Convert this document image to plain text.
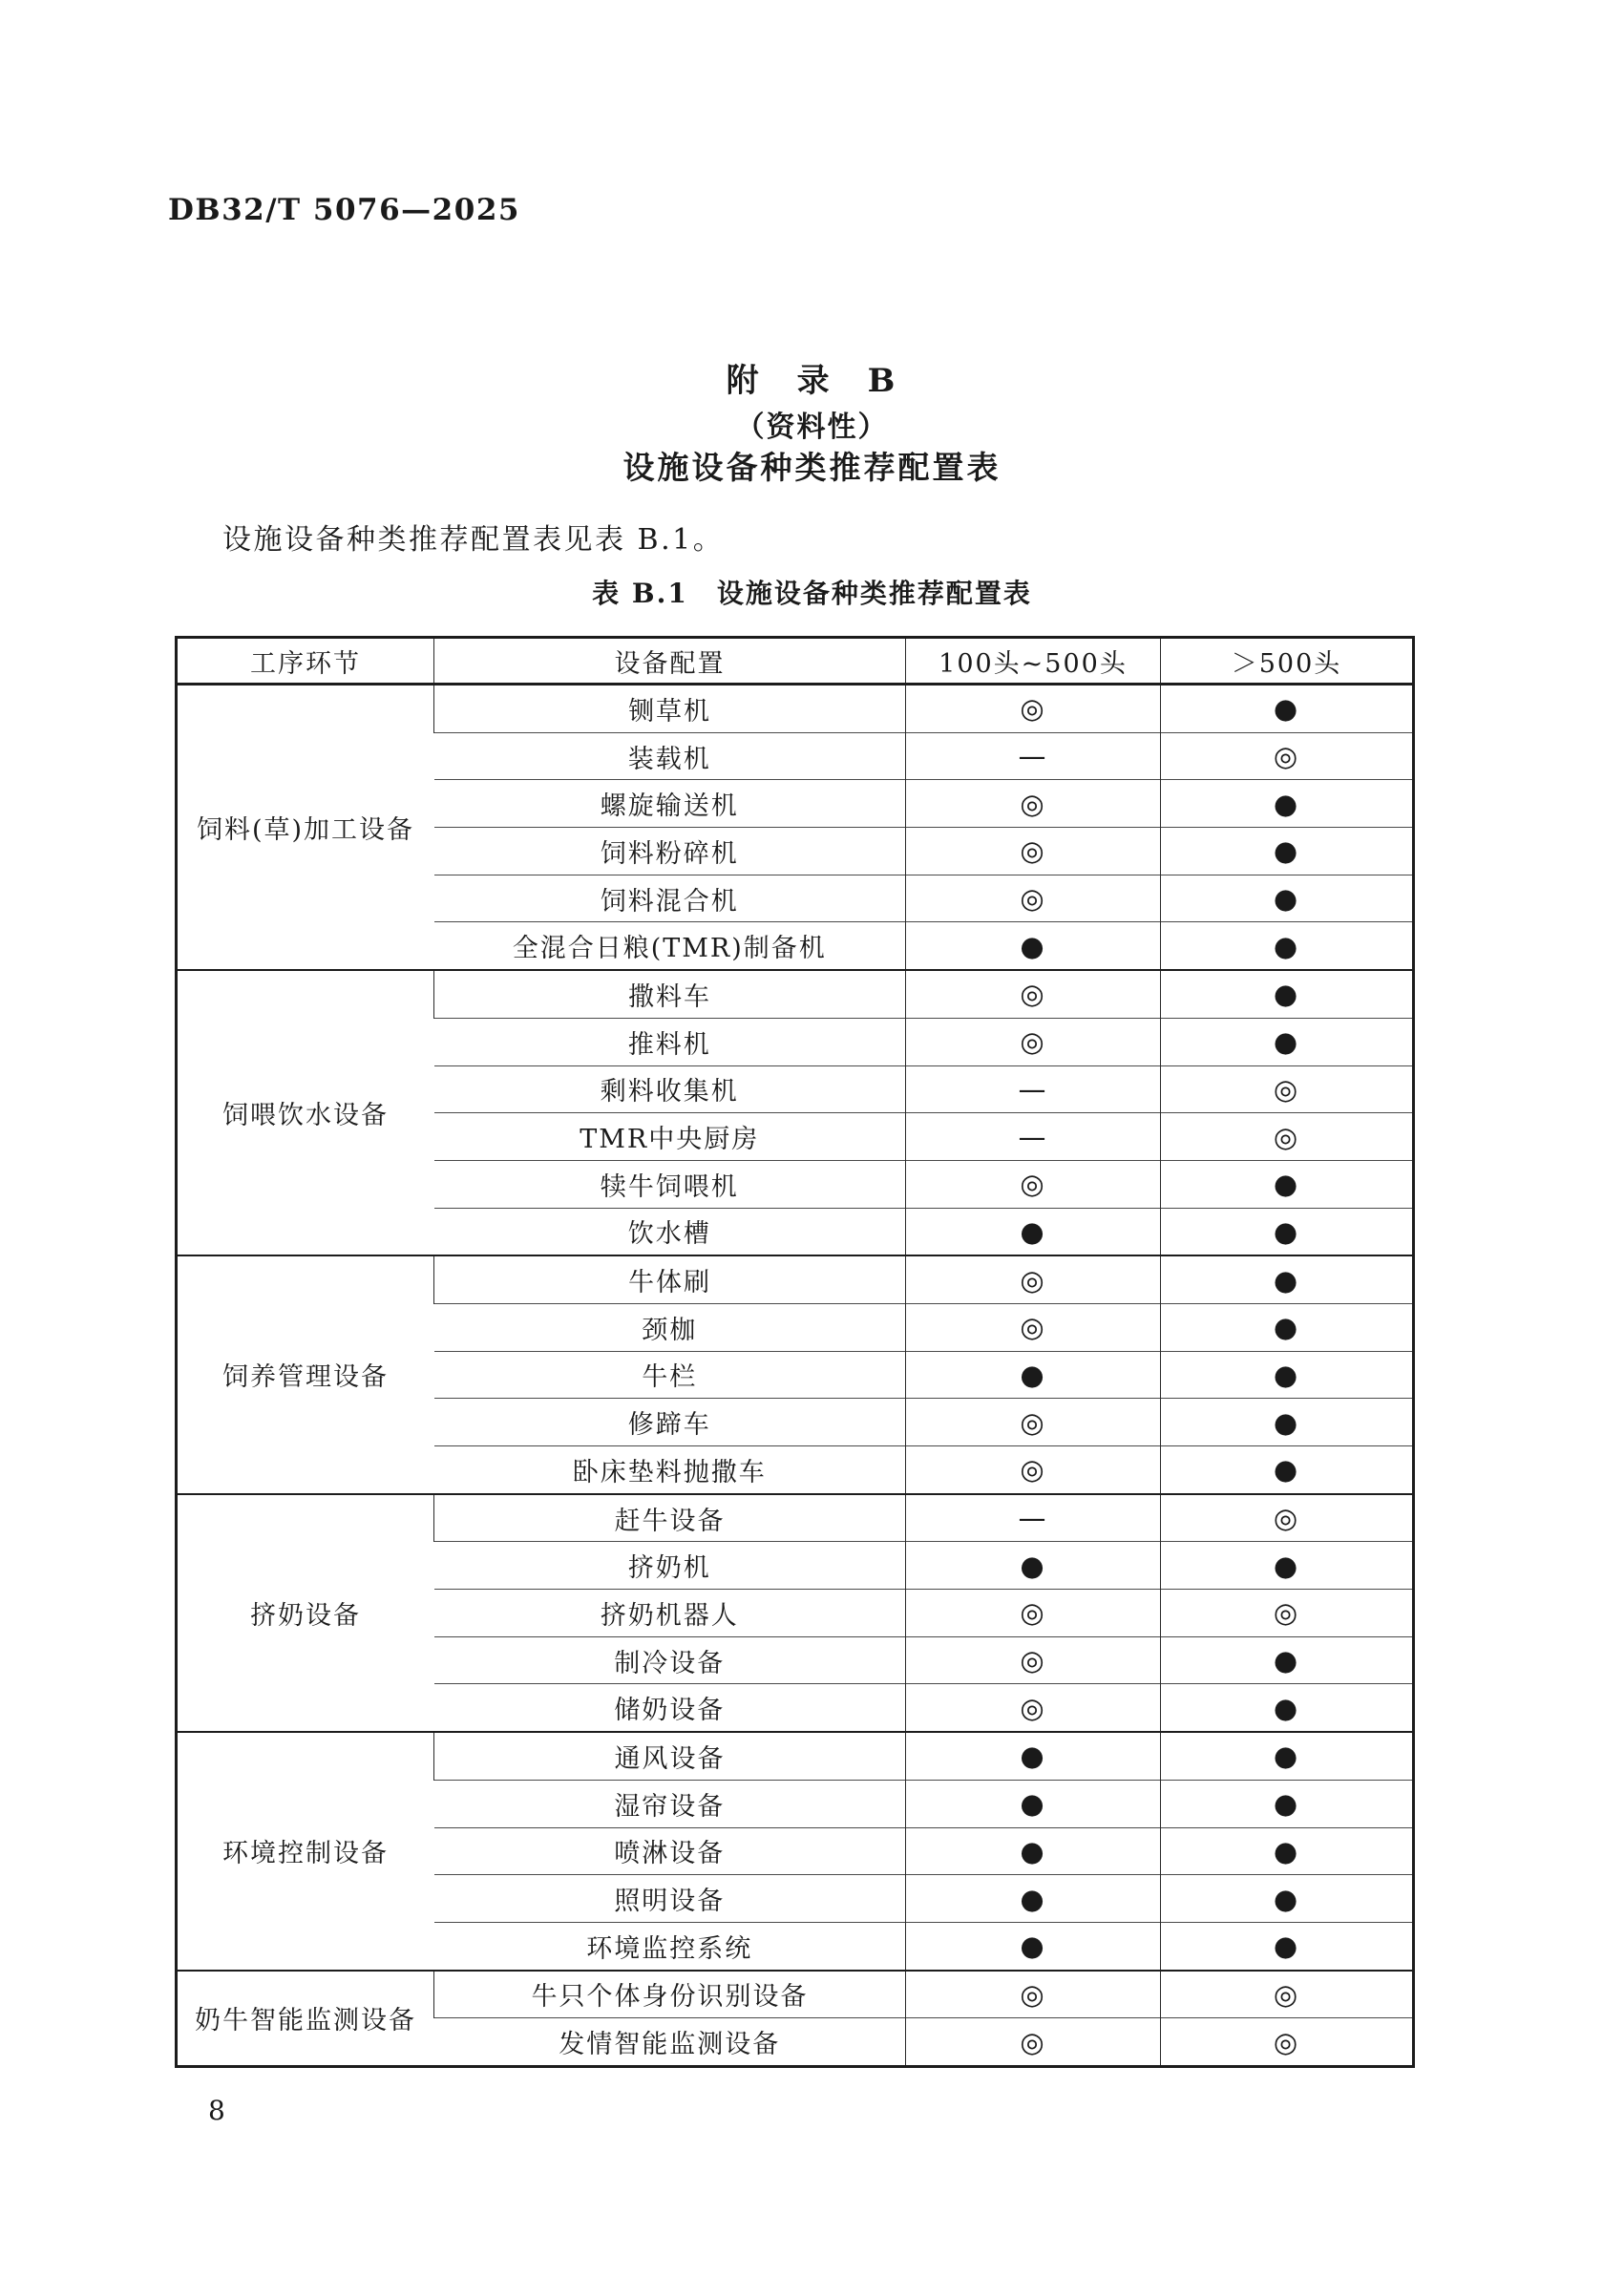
DB32/T 5076—2025
附　录　B
（资料性）
设施设备种类推荐配置表
设施设备种类推荐配置表见表 B.1。
表 B.1　设施设备种类推荐配置表
工序环节	设备配置	100头~500头	＞500头
饲料(草)加工设备	铡草机	◎	●
	装载机	—	◎
	螺旋输送机	◎	●
	饲料粉碎机	◎	●
	饲料混合机	◎	●
	全混合日粮(TMR)制备机	●	●
饲喂饮水设备	撒料车	◎	●
	推料机	◎	●
	剩料收集机	—	◎
	TMR中央厨房	—	◎
	犊牛饲喂机	◎	●
	饮水槽	●	●
饲养管理设备	牛体刷	◎	●
	颈枷	◎	●
	牛栏	●	●
	修蹄车	◎	●
	卧床垫料抛撒车	◎	●
挤奶设备	赶牛设备	—	◎
	挤奶机	●	●
	挤奶机器人	◎	◎
	制冷设备	◎	●
	储奶设备	◎	●
环境控制设备	通风设备	●	●
	湿帘设备	●	●
	喷淋设备	●	●
	照明设备	●	●
	环境监控系统	●	●
奶牛智能监测设备	牛只个体身份识别设备	◎	◎
	发情智能监测设备	◎	◎
8
